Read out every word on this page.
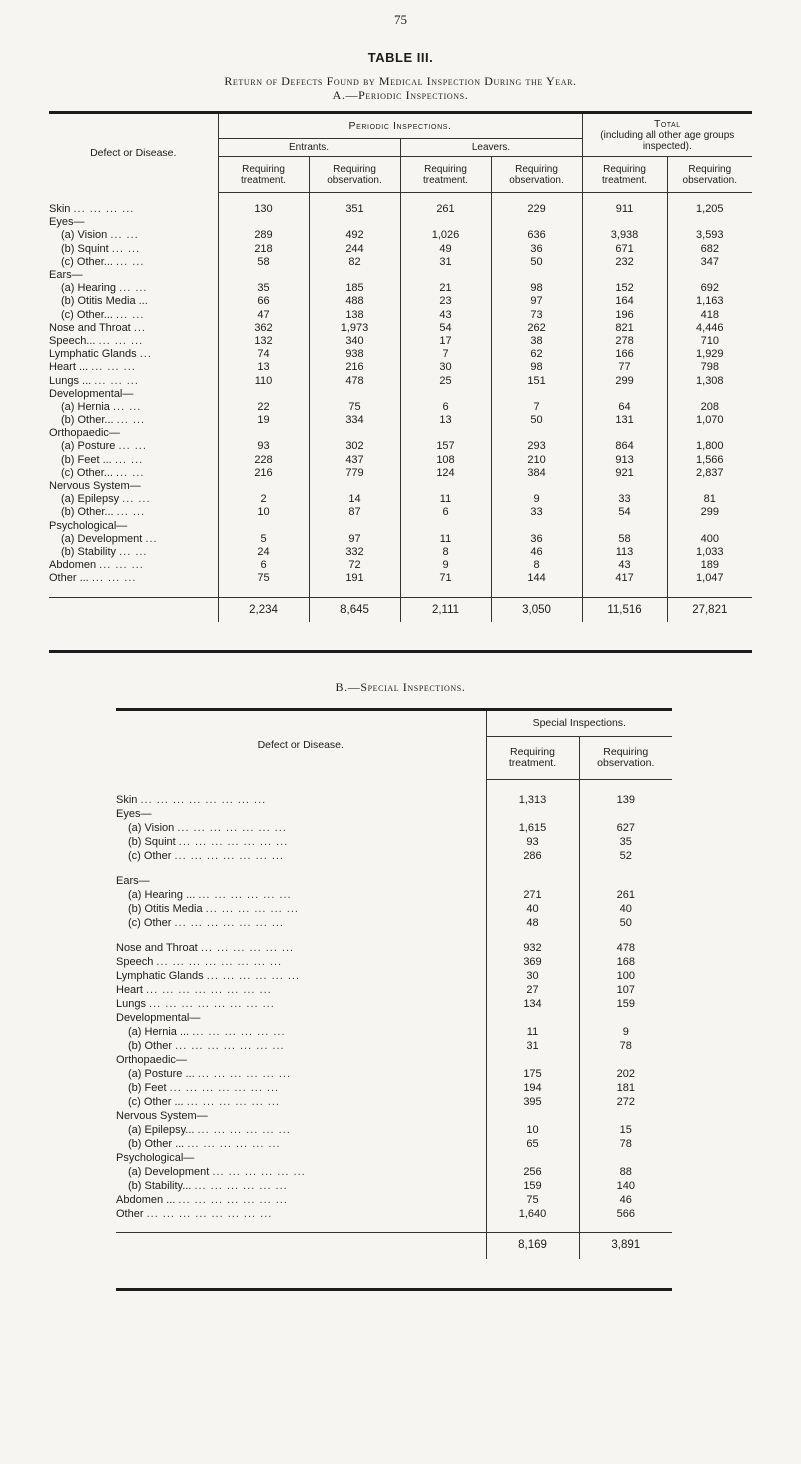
75
TABLE III.
Return of Defects Found by Medical Inspection During the Year.
A.—Periodic Inspections.
Defect or Disease.	Periodic Inspections.				Total
(including all other age groups inspected).	

	Entrants.		Leavers.			
	Requiring treatment.	Requiring observation.	Requiring treatment.	Requiring observation.	Requiring treatment.	Requiring observation.
Skin ... ... ... ...	130	351	261	229	911	1,205
Eyes—						
(a) Vision ... ...	289	492	1,026	636	3,938	3,593
(b) Squint ... ...	218	244	49	36	671	682
(c) Other... ... ...	58	82	31	50	232	347
Ears—						
(a) Hearing ... ...	35	185	21	98	152	692
(b) Otitis Media ...	66	488	23	97	164	1,163
(c) Other... ... ...	47	138	43	73	196	418
Nose and Throat ...	362	1,973	54	262	821	4,446
Speech... ... ... ...	132	340	17	38	278	710
Lymphatic Glands ...	74	938	7	62	166	1,929
Heart ... ... ... ...	13	216	30	98	77	798
Lungs ... ... ... ...	110	478	25	151	299	1,308
Developmental—						
(a) Hernia ... ...	22	75	6	7	64	208
(b) Other... ... ...	19	334	13	50	131	1,070
Orthopaedic—						
(a) Posture ... ...	93	302	157	293	864	1,800
(b) Feet ... ... ...	228	437	108	210	913	1,566
(c) Other... ... ...	216	779	124	384	921	2,837
Nervous System—						
(a) Epilepsy ... ...	2	14	11	9	33	81
(b) Other... ... ...	10	87	6	33	54	299
Psychological—						
(a) Development ...	5	97	11	36	58	400
(b) Stability ... ...	24	332	8	46	113	1,033
Abdomen ... ... ...	6	72	9	8	43	189
Other ... ... ... ...	75	191	71	144	417	1,047

	2,234	8,645	2,111	3,050	11,516	27,821
B.—Special Inspections.
Defect or Disease.	Special Inspections.	
	Requiring treatment.	Requiring observation.
Skin ... ... ... ... ... ... ... ...	1,313	139
Eyes—		
(a) Vision ... ... ... ... ... ... ...	1,615	627
(b) Squint ... ... ... ... ... ... ...	93	35
(c) Other ... ... ... ... ... ... ...	286	52

Ears—		
(a) Hearing ... ... ... ... ... ... ...	271	261
(b) Otitis Media ... ... ... ... ... ...	40	40
(c) Other ... ... ... ... ... ... ...	48	50

Nose and Throat ... ... ... ... ... ...	932	478
Speech ... ... ... ... ... ... ... ...	369	168
Lymphatic Glands ... ... ... ... ... ...	30	100
Heart ... ... ... ... ... ... ... ...	27	107
Lungs ... ... ... ... ... ... ... ...	134	159
Developmental—		
(a) Hernia ... ... ... ... ... ... ...	11	9
(b) Other ... ... ... ... ... ... ...	31	78
Orthopaedic—		
(a) Posture ... ... ... ... ... ... ...	175	202
(b) Feet ... ... ... ... ... ... ...	194	181
(c) Other ... ... ... ... ... ... ...	395	272
Nervous System—		
(a) Epilepsy... ... ... ... ... ... ...	10	15
(b) Other ... ... ... ... ... ... ...	65	78
Psychological—		
(a) Development ... ... ... ... ... ...	256	88
(b) Stability... ... ... ... ... ... ...	159	140
Abdomen ... ... ... ... ... ... ... ...	75	46
Other ... ... ... ... ... ... ... ...	1,640	566

	8,169	3,891
